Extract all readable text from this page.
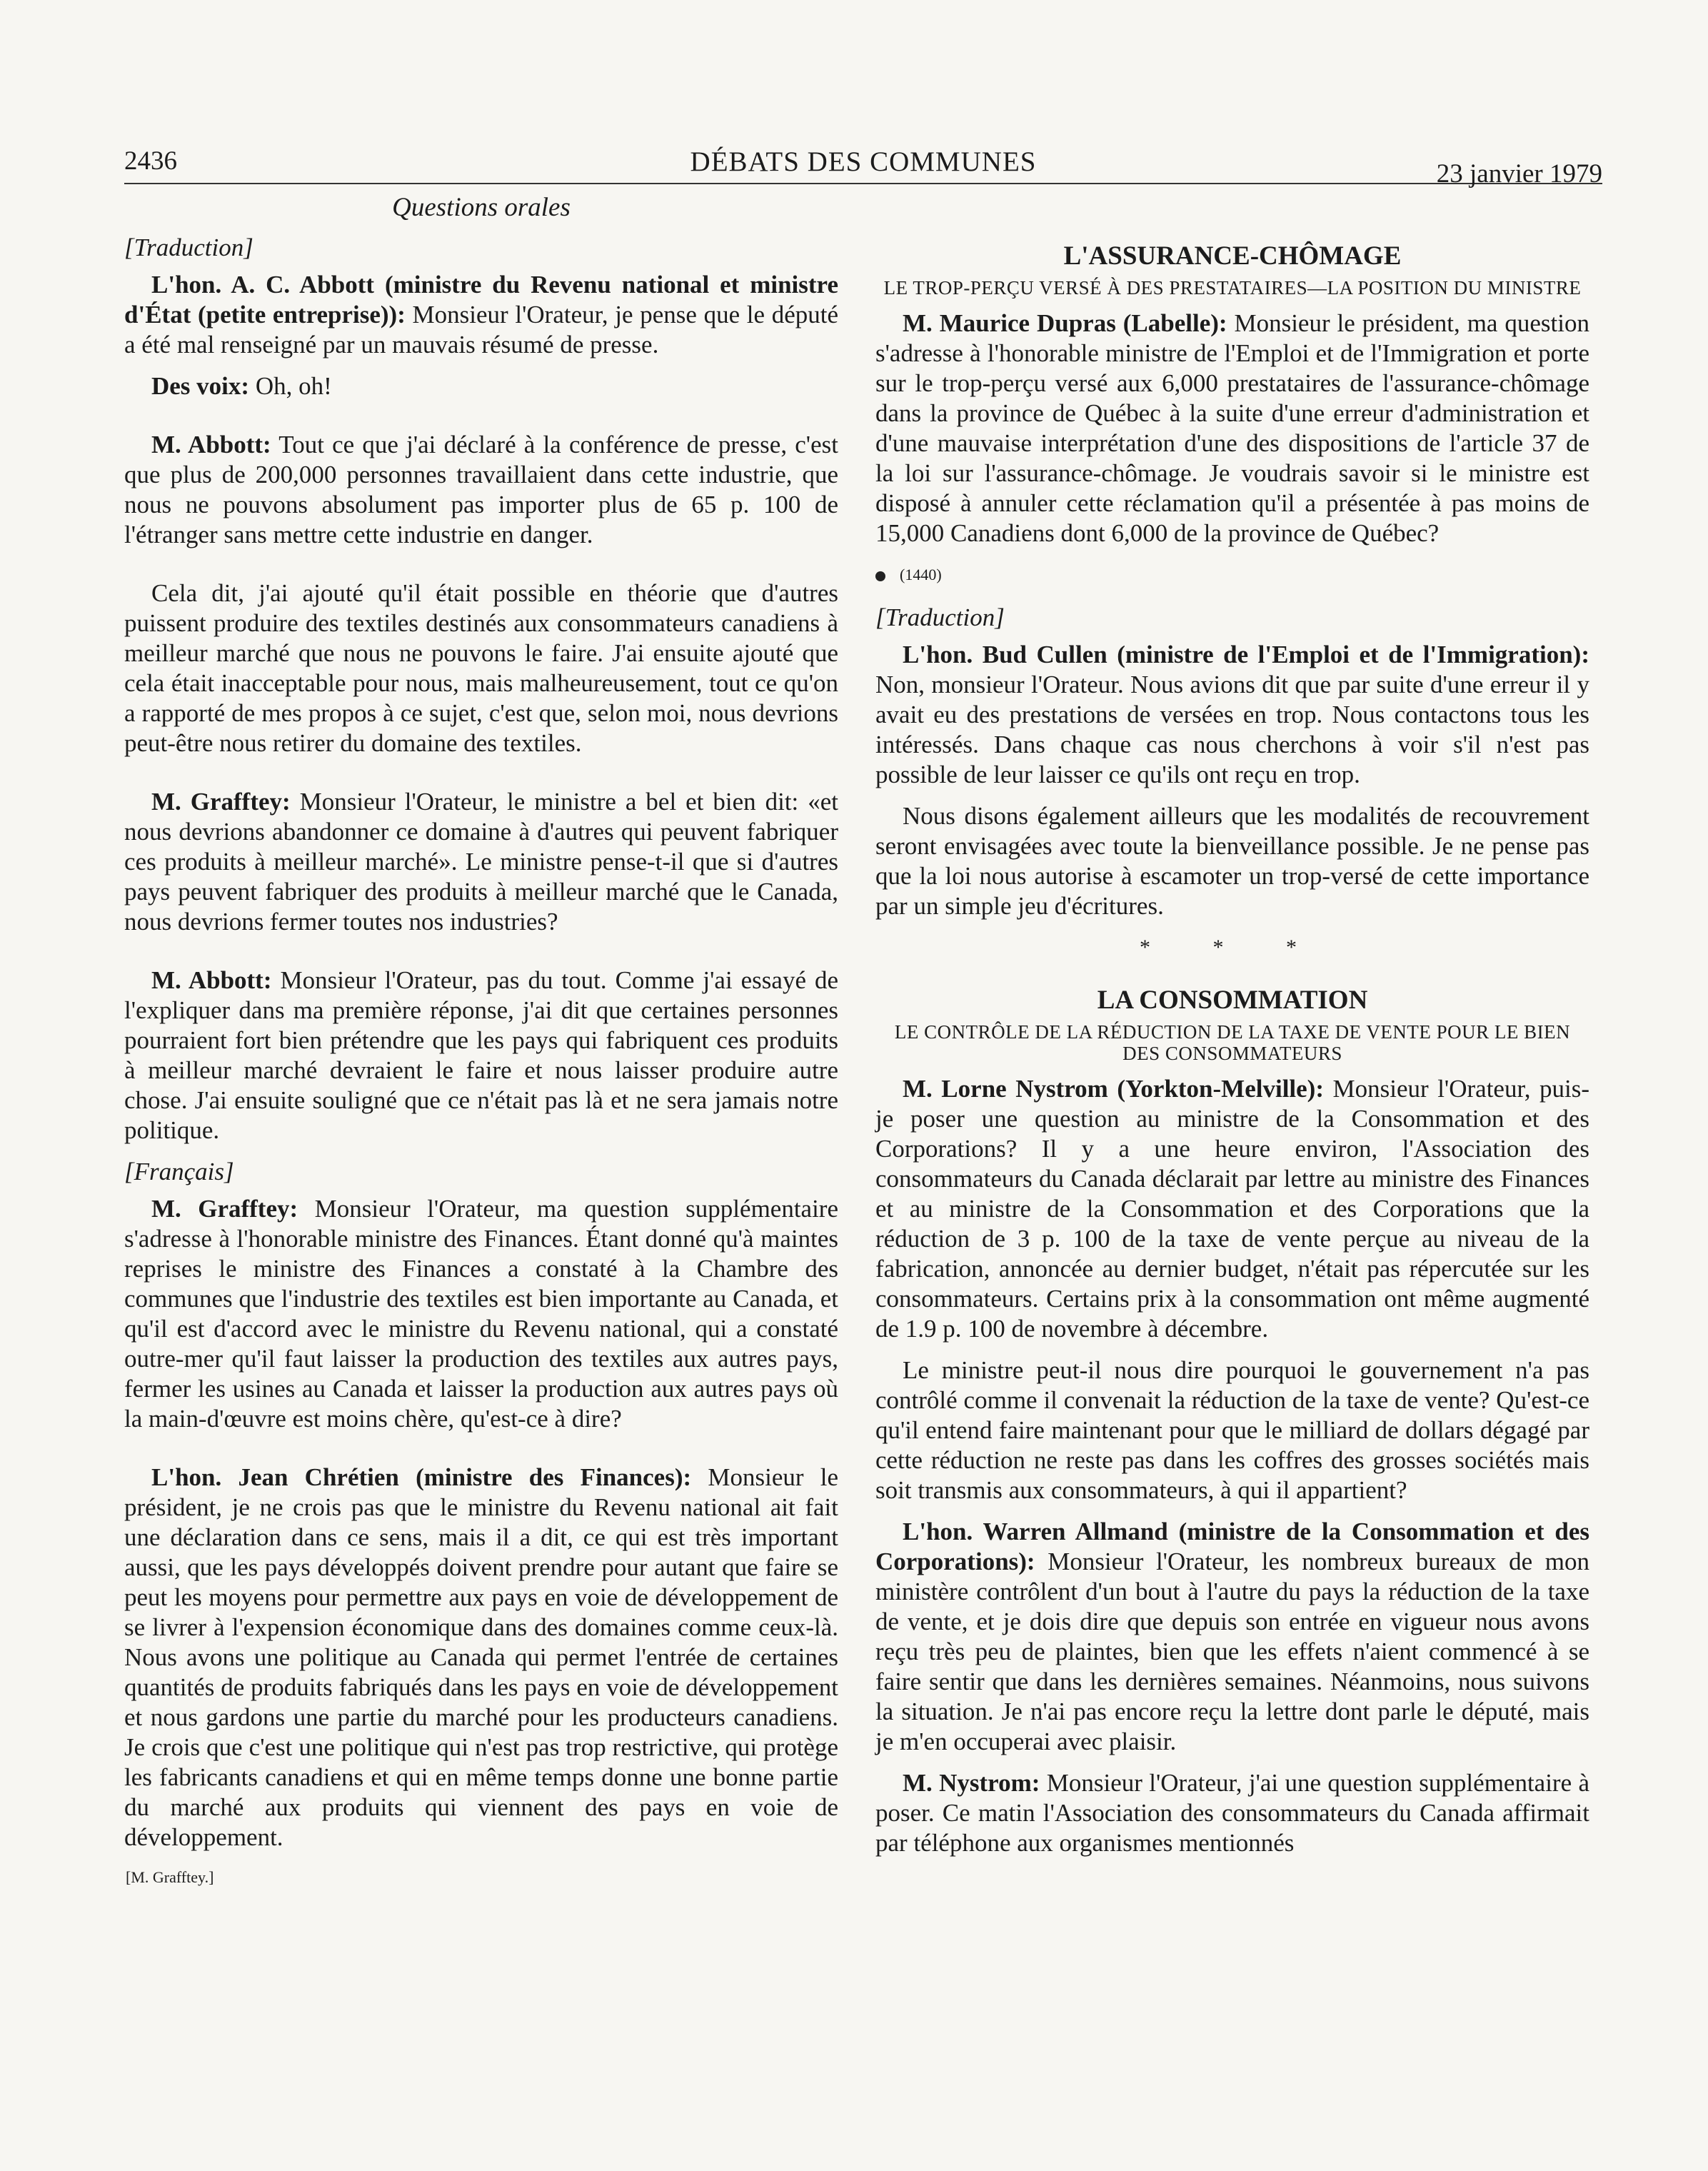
2436	DÉBATS DES COMMUNES	23 janvier 1979
Questions orales
[Traduction]

L'hon. A. C. Abbott (ministre du Revenu national et ministre d'État (petite entreprise)): Monsieur l'Orateur, je pense que le député a été mal renseigné par un mauvais résumé de presse.

Des voix: Oh, oh!

M. Abbott: Tout ce que j'ai déclaré à la conférence de presse, c'est que plus de 200,000 personnes travaillaient dans cette industrie, que nous ne pouvons absolument pas importer plus de 65 p. 100 de l'étranger sans mettre cette industrie en danger.

Cela dit, j'ai ajouté qu'il était possible en théorie que d'autres puissent produire des textiles destinés aux consommateurs canadiens à meilleur marché que nous ne pouvons le faire. J'ai ensuite ajouté que cela était inacceptable pour nous, mais malheureusement, tout ce qu'on a rapporté de mes propos à ce sujet, c'est que, selon moi, nous devrions peut-être nous retirer du domaine des textiles.

M. Grafftey: Monsieur l'Orateur, le ministre a bel et bien dit: «et nous devrions abandonner ce domaine à d'autres qui peuvent fabriquer ces produits à meilleur marché». Le ministre pense-t-il que si d'autres pays peuvent fabriquer des produits à meilleur marché que le Canada, nous devrions fermer toutes nos industries?

M. Abbott: Monsieur l'Orateur, pas du tout. Comme j'ai essayé de l'expliquer dans ma première réponse, j'ai dit que certaines personnes pourraient fort bien prétendre que les pays qui fabriquent ces produits à meilleur marché devraient le faire et nous laisser produire autre chose. J'ai ensuite souligné que ce n'était pas là et ne sera jamais notre politique.

[Français]

M. Grafftey: Monsieur l'Orateur, ma question supplémentaire s'adresse à l'honorable ministre des Finances. Étant donné qu'à maintes reprises le ministre des Finances a constaté à la Chambre des communes que l'industrie des textiles est bien importante au Canada, et qu'il est d'accord avec le ministre du Revenu national, qui a constaté outre-mer qu'il faut laisser la production des textiles aux autres pays, fermer les usines au Canada et laisser la production aux autres pays où la main-d'œuvre est moins chère, qu'est-ce à dire?

L'hon. Jean Chrétien (ministre des Finances): Monsieur le président, je ne crois pas que le ministre du Revenu national ait fait une déclaration dans ce sens, mais il a dit, ce qui est très important aussi, que les pays développés doivent prendre pour autant que faire se peut les moyens pour permettre aux pays en voie de développement de se livrer à l'expension économique dans des domaines comme ceux-là. Nous avons une politique au Canada qui permet l'entrée de certaines quantités de produits fabriqués dans les pays en voie de développement et nous gardons une partie du marché pour les producteurs canadiens. Je crois que c'est une politique qui n'est pas trop restrictive, qui protège les fabricants canadiens et qui en même temps donne une bonne partie du marché aux produits qui viennent des pays en voie de développement.

[M. Grafftey.]
L'ASSURANCE-CHÔMAGE
LE TROP-PERÇU VERSÉ À DES PRESTATAIRES—LA POSITION DU MINISTRE

M. Maurice Dupras (Labelle): Monsieur le président, ma question s'adresse à l'honorable ministre de l'Emploi et de l'Immigration et porte sur le trop-perçu versé aux 6,000 prestataires de l'assurance-chômage dans la province de Québec à la suite d'une erreur d'administration et d'une mauvaise interprétation d'une des dispositions de l'article 37 de la loi sur l'assurance-chômage. Je voudrais savoir si le ministre est disposé à annuler cette réclamation qu'il a présentée à pas moins de 15,000 Canadiens dont 6,000 de la province de Québec?

(1440)
[Traduction]

L'hon. Bud Cullen (ministre de l'Emploi et de l'Immigration): Non, monsieur l'Orateur. Nous avions dit que par suite d'une erreur il y avait eu des prestations de versées en trop. Nous contactons tous les intéressés. Dans chaque cas nous cherchons à voir s'il n'est pas possible de leur laisser ce qu'ils ont reçu en trop.

Nous disons également ailleurs que les modalités de recouvrement seront envisagées avec toute la bienveillance possible. Je ne pense pas que la loi nous autorise à escamoter un trop-versé de cette importance par un simple jeu d'écritures.

* * *
LA CONSOMMATION
LE CONTRÔLE DE LA RÉDUCTION DE LA TAXE DE VENTE POUR LE BIEN DES CONSOMMATEURS

M. Lorne Nystrom (Yorkton-Melville): Monsieur l'Orateur, puis-je poser une question au ministre de la Consommation et des Corporations? Il y a une heure environ, l'Association des consommateurs du Canada déclarait par lettre au ministre des Finances et au ministre de la Consommation et des Corporations que la réduction de 3 p. 100 de la taxe de vente perçue au niveau de la fabrication, annoncée au dernier budget, n'était pas répercutée sur les consommateurs. Certains prix à la consommation ont même augmenté de 1.9 p. 100 de novembre à décembre.

Le ministre peut-il nous dire pourquoi le gouvernement n'a pas contrôlé comme il convenait la réduction de la taxe de vente? Qu'est-ce qu'il entend faire maintenant pour que le milliard de dollars dégagé par cette réduction ne reste pas dans les coffres des grosses sociétés mais soit transmis aux consommateurs, à qui il appartient?

L'hon. Warren Allmand (ministre de la Consommation et des Corporations): Monsieur l'Orateur, les nombreux bureaux de mon ministère contrôlent d'un bout à l'autre du pays la réduction de la taxe de vente, et je dois dire que depuis son entrée en vigueur nous avons reçu très peu de plaintes, bien que les effets n'aient commencé à se faire sentir que dans les dernières semaines. Néanmoins, nous suivons la situation. Je n'ai pas encore reçu la lettre dont parle le député, mais je m'en occuperai avec plaisir.

M. Nystrom: Monsieur l'Orateur, j'ai une question supplémentaire à poser. Ce matin l'Association des consommateurs du Canada affirmait par téléphone aux organismes mentionnés
